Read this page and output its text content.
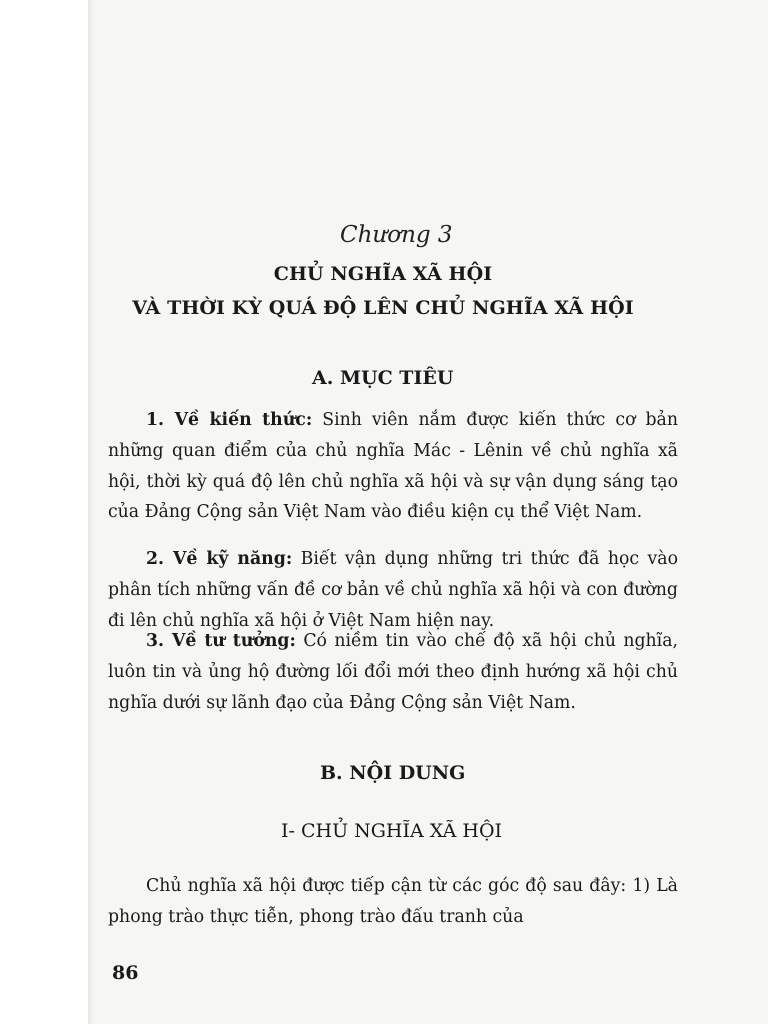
Chương 3
CHỦ NGHĨA XÃ HỘI
VÀ THỜI KỲ QUÁ ĐỘ LÊN CHỦ NGHĨA XÃ HỘI
A. MỤC TIÊU
1. Về kiến thức: Sinh viên nắm được kiến thức cơ bản những quan điểm của chủ nghĩa Mác - Lênin về chủ nghĩa xã hội, thời kỳ quá độ lên chủ nghĩa xã hội và sự vận dụng sáng tạo của Đảng Cộng sản Việt Nam vào điều kiện cụ thể Việt Nam.
2. Về kỹ năng: Biết vận dụng những tri thức đã học vào phân tích những vấn đề cơ bản về chủ nghĩa xã hội và con đường đi lên chủ nghĩa xã hội ở Việt Nam hiện nay.
3. Về tư tưởng: Có niềm tin vào chế độ xã hội chủ nghĩa, luôn tin và ủng hộ đường lối đổi mới theo định hướng xã hội chủ nghĩa dưới sự lãnh đạo của Đảng Cộng sản Việt Nam.
B. NỘI DUNG
I- CHỦ NGHĨA XÃ HỘI
Chủ nghĩa xã hội được tiếp cận từ các góc độ sau đây: 1) Là phong trào thực tiễn, phong trào đấu tranh của
86
